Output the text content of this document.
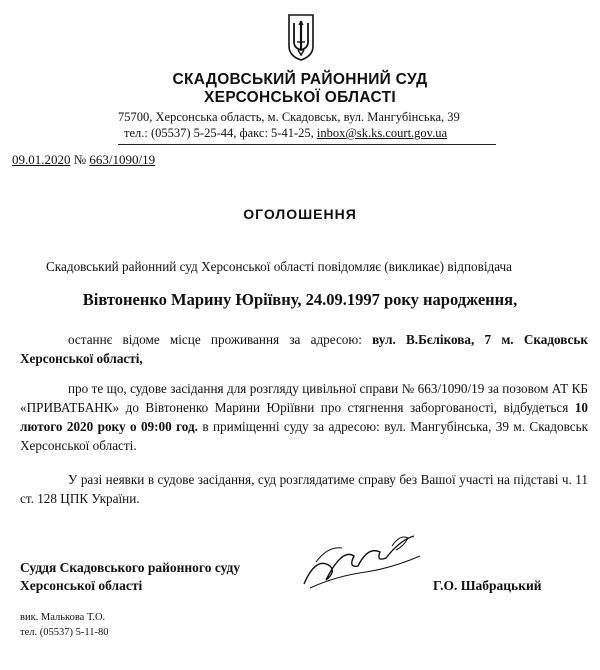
СКАДОВСЬКИЙ РАЙОННИЙ СУД
ХЕРСОНСЬКОЇ ОБЛАСТІ
75700, Херсонська область, м. Скадовськ, вул. Мангубінська, 39
тел.: (05537) 5-25-44, факс: 5-41-25, inbox@sk.ks.court.gov.ua
09.01.2020 № 663/1090/19
ОГОЛОШЕННЯ
Скадовський районний суд Херсонської області повідомляє (викликає) відповідача
Вівтоненко Марину Юріївну, 24.09.1997 року народження,
останнє відоме місце проживання за адресою: вул. В.Бєлікова, 7 м. Скадовськ Херсонської області,
про те що, судове засідання для розгляду цивільної справи № 663/1090/19 за позовом АТ КБ «ПРИВАТБАНК» до Вівтоненко Марини Юріївни про стягнення заборгованості, відбудеться 10 лютого 2020 року о 09:00 год. в приміщенні суду за адресою: вул. Мангубінська, 39 м. Скадовськ Херсонської області.
У разі неявки в судове засідання, суд розглядатиме справу без Вашої участі на підставі ч. 11 ст. 128 ЦПК України.
Суддя Скадовського районного суду
Херсонської області	Г.О. Шабрацький
вик. Малькова Т.О.
тел. (05537) 5-11-80
